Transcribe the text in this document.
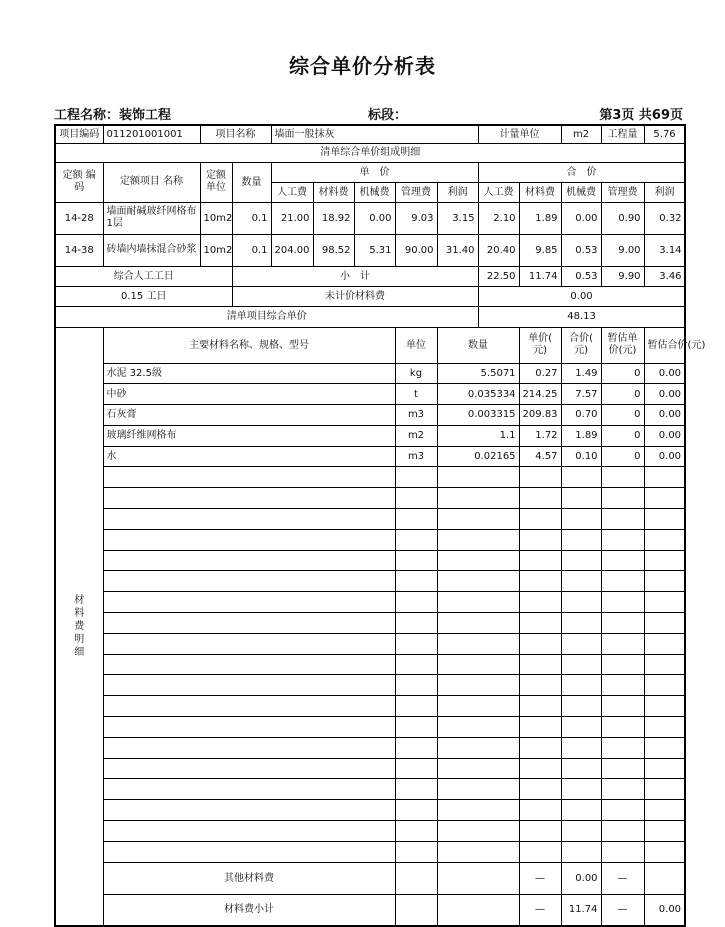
综合单价分析表
工程名称：装饰工程	标段：	第3页 共69页
项目编码	011201001001	项目名称		墙面一般抹灰					计量单位		m2	工程量	5.76
清单综合单价组成明细													
定额 编码	定额项目 名称	定额 单位	数量	单　价					合　价				
				人工费	材料费	机械费	管理费	利润	人工费	材料费	机械费	管理费	利润
14-28	墙面耐碱玻纤网格布 1层	10m2	0.1	21.00	18.92	0.00	9.03	3.15	2.10	1.89	0.00	0.90	0.32
14-38	砖墙内墙抹混合砂浆	10m2	0.1	204.00	98.52	5.31	90.00	31.40	20.40	9.85	0.53	9.00	3.14
综合人工工日			小　计						22.50	11.74	0.53	9.90	3.46
0.15 工日			未计价材料费						0.00				
清单项目综合单价									48.13				
材 料 费 明 细	主要材料名称、规格、型号						单位	数量		单价( 元)	合价( 元)	暂估单 价(元)	暂估合价(元)
	水泥 32.5级						kg	5.5071		0.27	1.49	0	0.00
	中砂						t	0.035334		214.25	7.57	0	0.00
	石灰膏						m3	0.003315		209.83	0.70	0	0.00
	玻璃纤维网格布						m2	1.1		1.72	1.89	0	0.00
	水						m3	0.02165		4.57	0.10	0	0.00

	其他材料费									—	0.00	—	
	材料费小计									—	11.74	—	0.00
